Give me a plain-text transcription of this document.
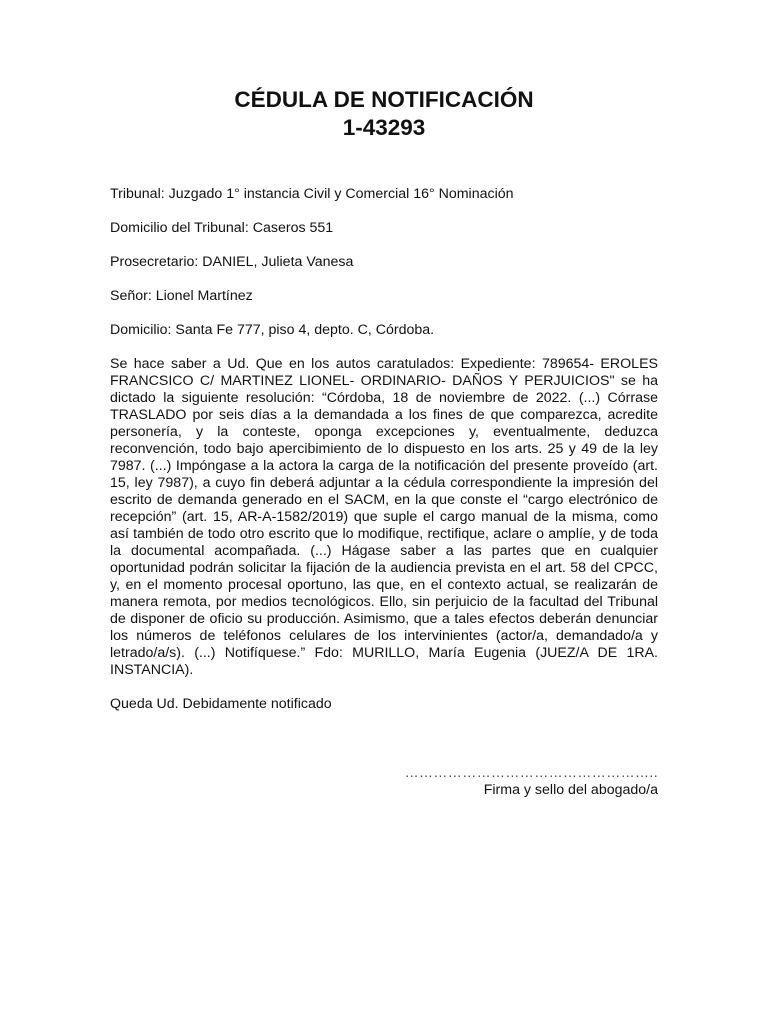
CÉDULA DE NOTIFICACIÓN
1-43293

Tribunal: Juzgado 1° instancia Civil y Comercial 16° Nominación

Domicilio del Tribunal: Caseros 551

Prosecretario: DANIEL, Julieta Vanesa

Señor: Lionel Martínez

Domicilio: Santa Fe 777, piso 4, depto. C, Córdoba.

Se hace saber a Ud. Que en los autos caratulados: Expediente: 789654- EROLES FRANCSICO C/ MARTINEZ LIONEL- ORDINARIO- DAÑOS Y PERJUICIOS" se ha dictado la siguiente resolución: “Córdoba, 18 de noviembre de 2022. (...) Córrase TRASLADO por seis días a la demandada a los fines de que comparezca, acredite personería, y la conteste, oponga excepciones y, eventualmente, deduzca reconvención, todo bajo apercibimiento de lo dispuesto en los arts. 25 y 49 de la ley 7987. (...) Impóngase a la actora la carga de la notificación del presente proveído (art. 15, ley 7987), a cuyo fin deberá adjuntar a la cédula correspondiente la impresión del escrito de demanda generado en el SACM, en la que conste el “cargo electrónico de recepción” (art. 15, AR-A-1582/2019) que suple el cargo manual de la misma, como así también de todo otro escrito que lo modifique, rectifique, aclare o amplíe, y de toda la documental acompañada. (...) Hágase saber a las partes que en cualquier oportunidad podrán solicitar la fijación de la audiencia prevista en el art. 58 del CPCC, y, en el momento procesal oportuno, las que, en el contexto actual, se realizarán de manera remota, por medios tecnológicos. Ello, sin perjuicio de la facultad del Tribunal de disponer de oficio su producción. Asimismo, que a tales efectos deberán denunciar los números de teléfonos celulares de los intervinientes (actor/a, demandado/a y letrado/a/s). (...) Notifíquese.” Fdo: MURILLO, María Eugenia (JUEZ/A DE 1RA. INSTANCIA).

Queda Ud. Debidamente notificado

……………………………………………..
Firma y sello del abogado/a
